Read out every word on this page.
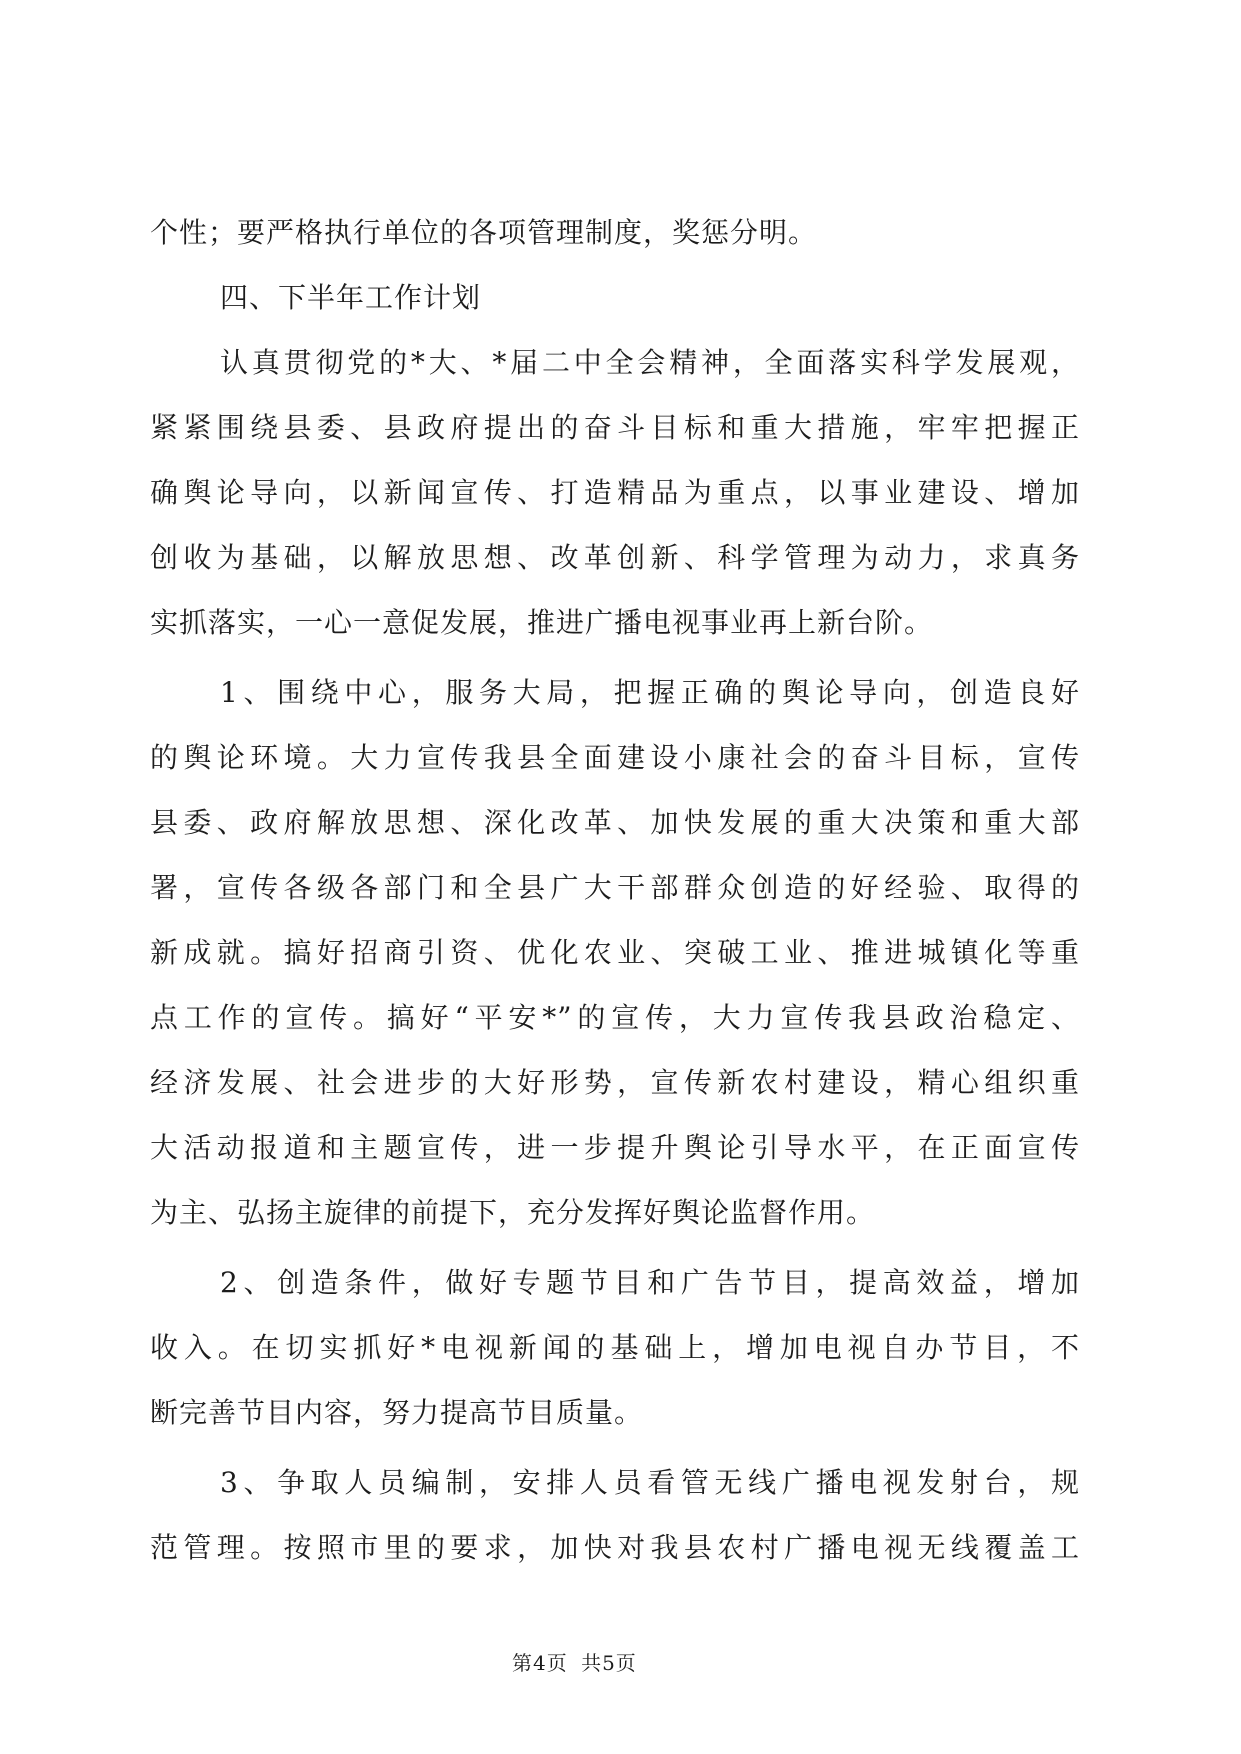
个性；要严格执行单位的各项管理制度，奖惩分明。
四、下半年工作计划
认真贯彻党的*大、*届二中全会精神，全面落实科学发展观，
紧紧围绕县委、县政府提出的奋斗目标和重大措施，牢牢把握正
确舆论导向，以新闻宣传、打造精品为重点，以事业建设、增加
创收为基础，以解放思想、改革创新、科学管理为动力，求真务
实抓落实，一心一意促发展，推进广播电视事业再上新台阶。
1、围绕中心，服务大局，把握正确的舆论导向，创造良好
的舆论环境。大力宣传我县全面建设小康社会的奋斗目标，宣传
县委、政府解放思想、深化改革、加快发展的重大决策和重大部
署，宣传各级各部门和全县广大干部群众创造的好经验、取得的
新成就。搞好招商引资、优化农业、突破工业、推进城镇化等重
点工作的宣传。搞好“平安*”的宣传，大力宣传我县政治稳定、
经济发展、社会进步的大好形势，宣传新农村建设，精心组织重
大活动报道和主题宣传，进一步提升舆论引导水平，在正面宣传
为主、弘扬主旋律的前提下，充分发挥好舆论监督作用。
2、创造条件，做好专题节目和广告节目，提高效益，增加
收入。在切实抓好*电视新闻的基础上，增加电视自办节目，不
断完善节目内容，努力提高节目质量。
3、争取人员编制，安排人员看管无线广播电视发射台，规
范管理。按照市里的要求，加快对我县农村广播电视无线覆盖工
第4页 共5页
